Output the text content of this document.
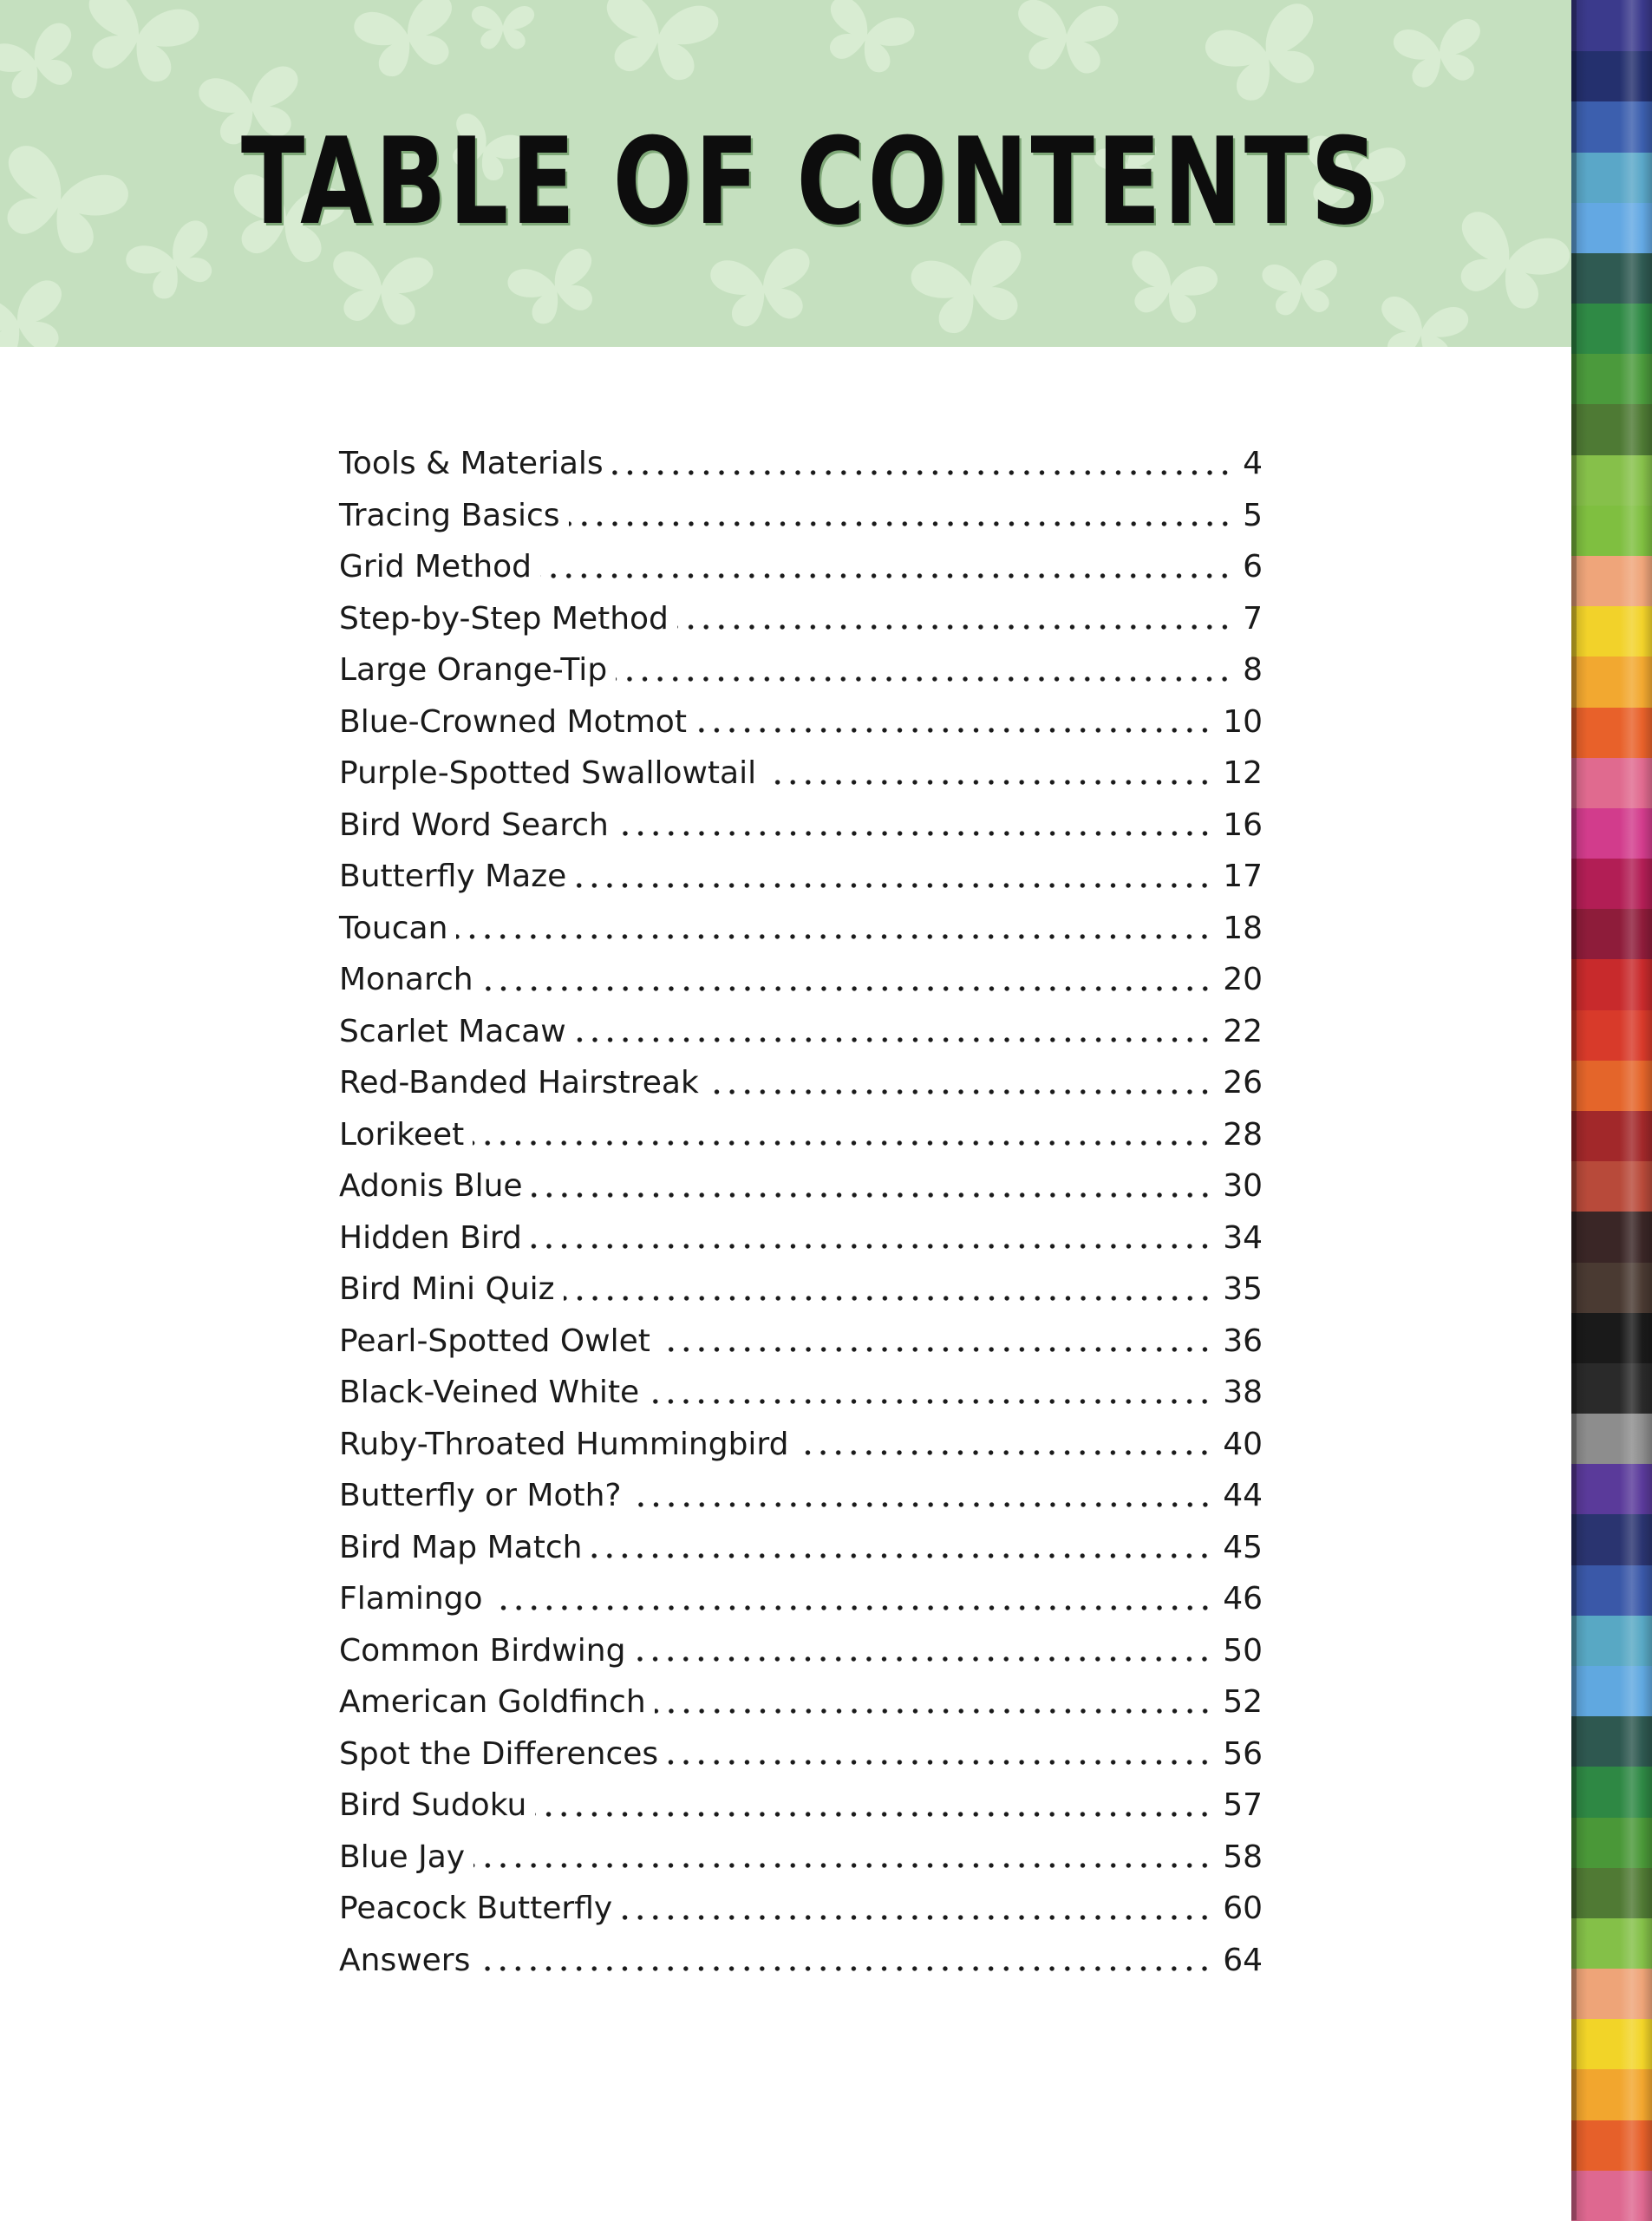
TABLE OF CONTENTS
Tools & Materials	4
Tracing Basics	5
Grid Method	6
Step-by-Step Method	7
Large Orange-Tip	8
Blue-Crowned Motmot	10
Purple-Spotted Swallowtail	12
Bird Word Search	16
Butterfly Maze	17
Toucan	18
Monarch	20
Scarlet Macaw	22
Red-Banded Hairstreak	26
Lorikeet	28
Adonis Blue	30
Hidden Bird	34
Bird Mini Quiz	35
Pearl-Spotted Owlet	36
Black-Veined White	38
Ruby-Throated Hummingbird	40
Butterfly or Moth?	44
Bird Map Match	45
Flamingo	46
Common Birdwing	50
American Goldfinch	52
Spot the Differences	56
Bird Sudoku	57
Blue Jay	58
Peacock Butterfly	60
Answers	64
